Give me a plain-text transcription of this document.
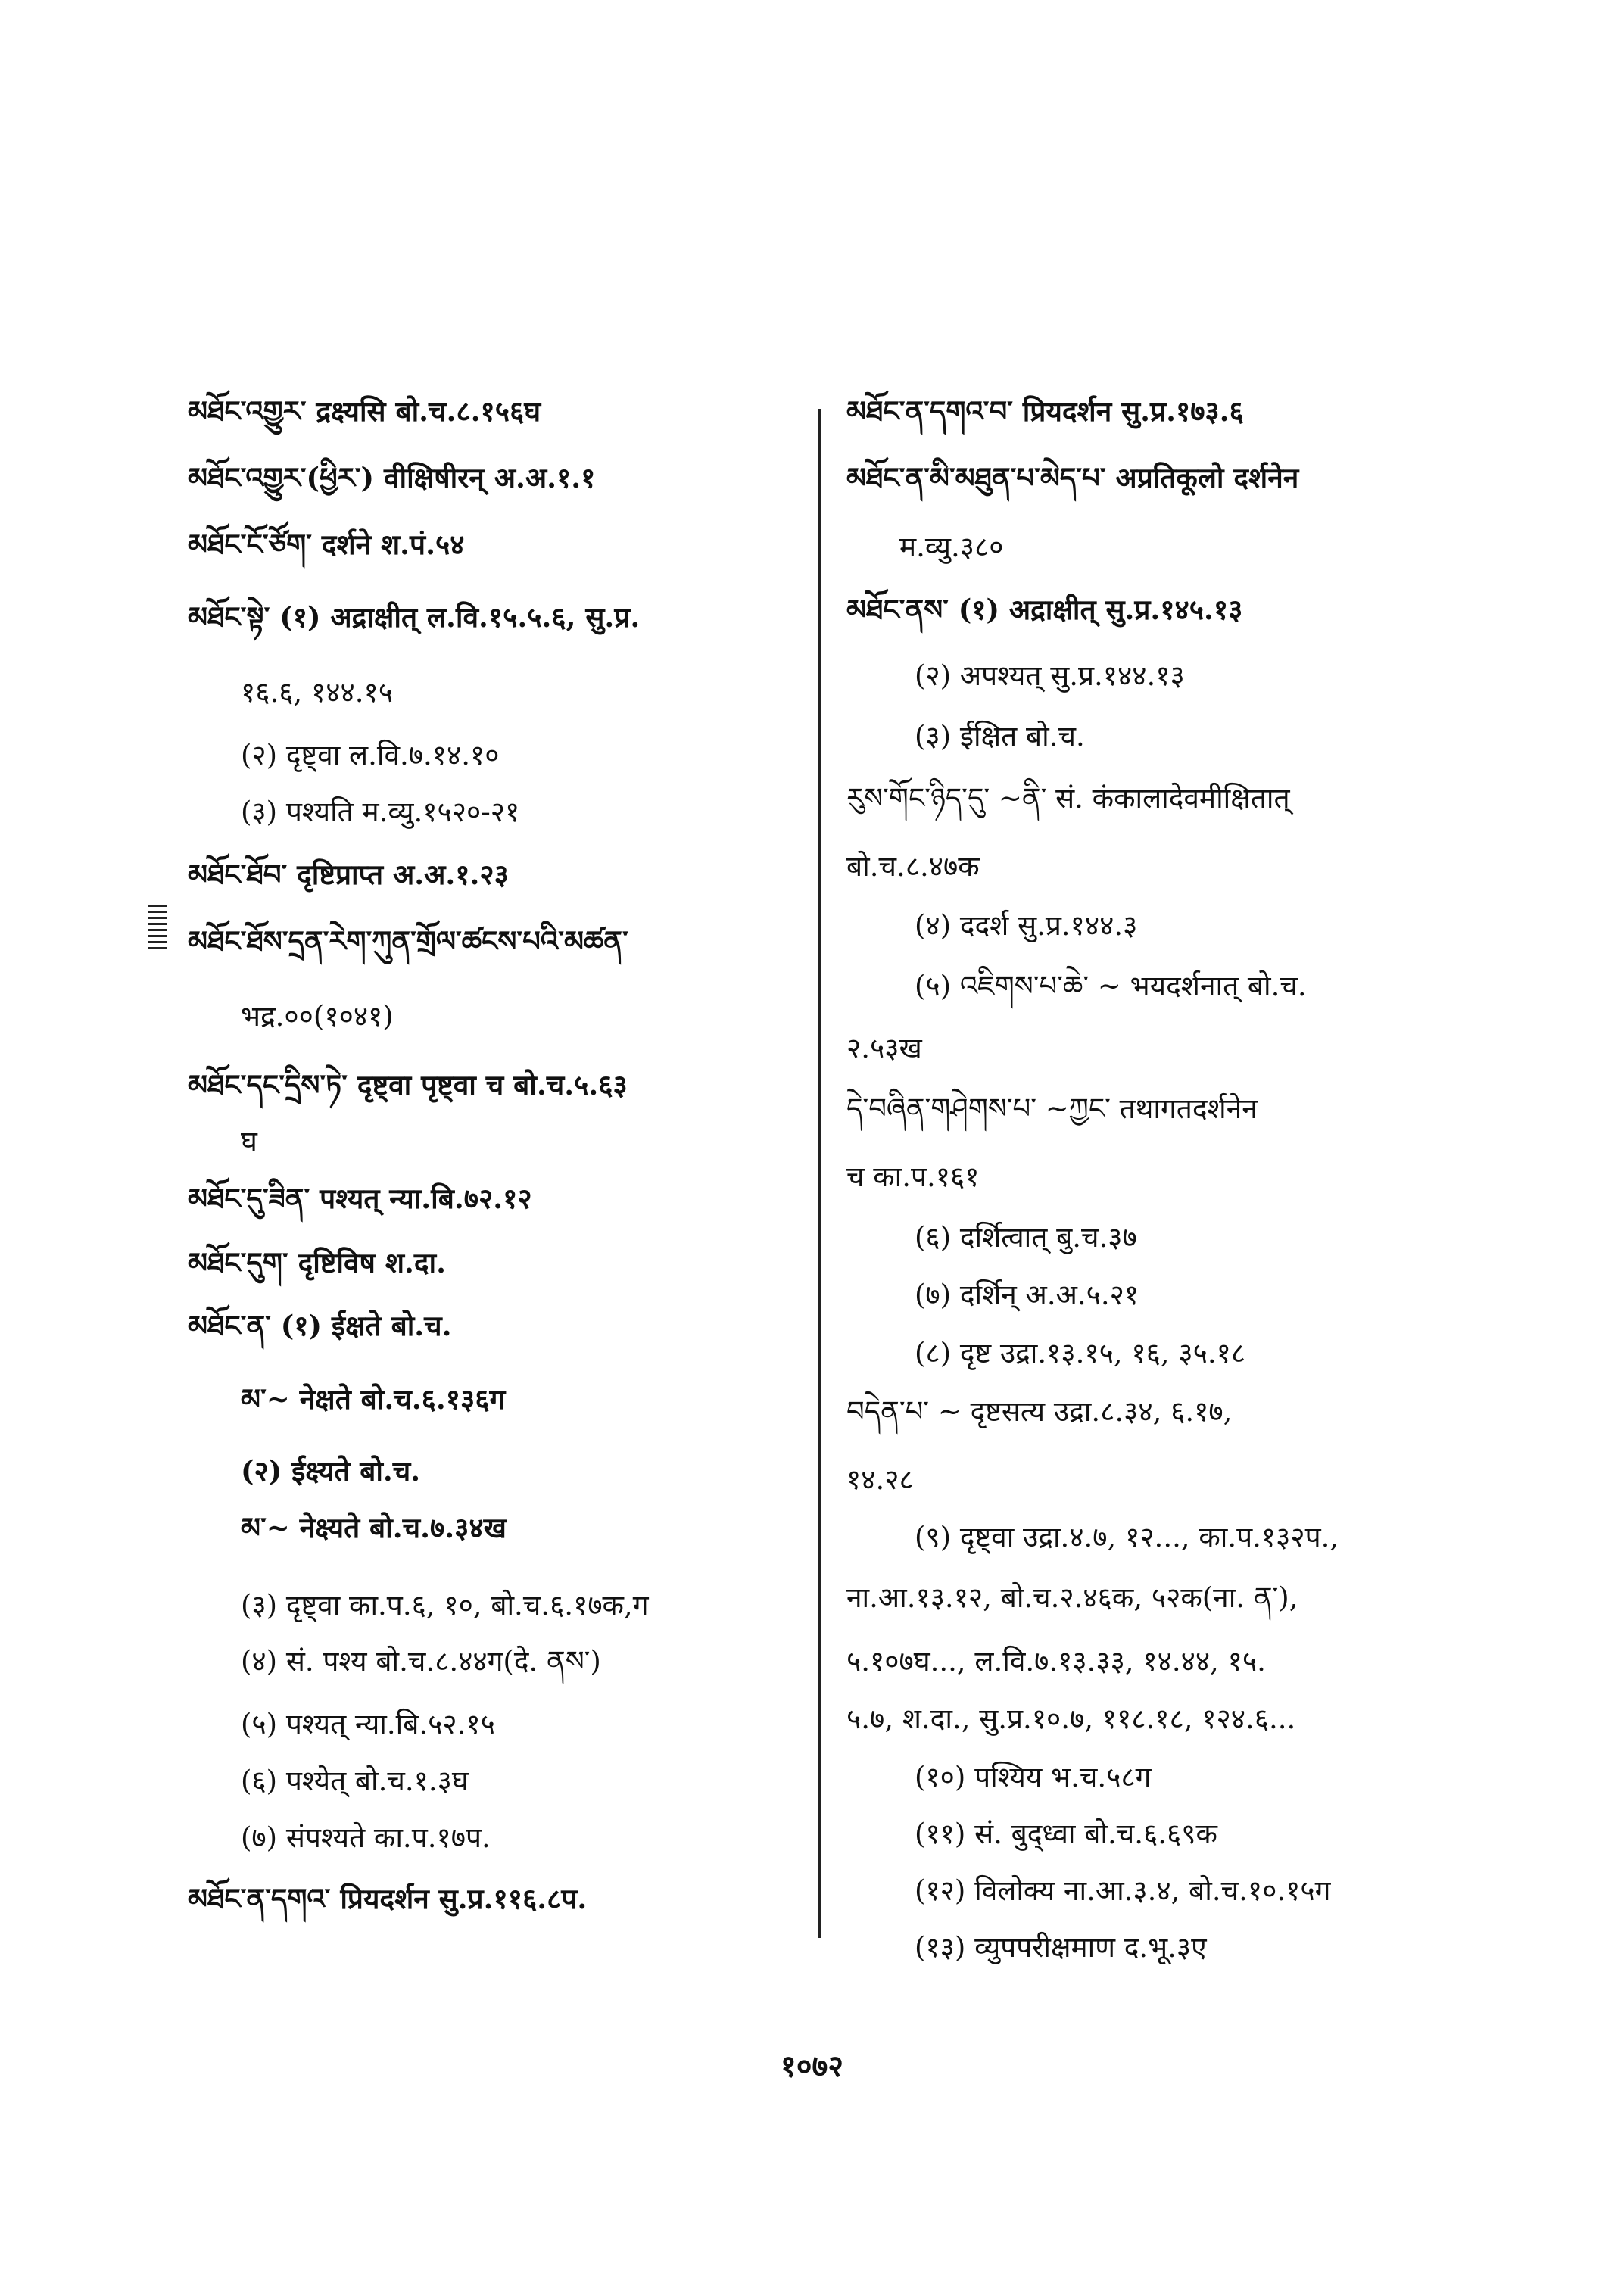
མཐོང་འགྱུར་ द्रक्ष्यसि बो.च.८.१५६घ
མཐོང་འགྱུར་(ཕྱིར་) वीक्षिषीरन् अ.अ.१.१
མཐོང་ངོ་ཙོག་ दर्शने श.पं.५४
མཐོང་སྟེ་ (१) अद्राक्षीत् ल.वि.१५.५.६, सु.प्र.
१६.६, १४४.१५
(२) दृष्ट्वा ल.वि.७.१४.१०
(३) पश्यति म.व्यु.१५२०-२१
མཐོང་ཐོབ་ दृष्टिप्राप्त अ.अ.१.२३
མཐོང་ཐོས་དྲན་རེག་ཀུན་གྲོལ་ཚངས་པའི་མཚན་
भद्र.००(१०४१)
མཐོང་དང་དྲིས་ཏེ་ दृष्ट्वा पृष्ट्वा च बो.च.५.६३
घ
མཐོང་དུ་ཟིན་ पश्यत् न्या.बि.७२.१२
མཐོང་དུག་ दृष्टिविष श.दा.
མཐོང་ན་ (१) ईक्षते बो.च.
མ་~ नेक्षते बो.च.६.१३६ग
(२) ईक्ष्यते बो.च.
མ་~ नेक्ष्यते बो.च.७.३४ख
(३) दृष्ट्वा का.प.६, १०, बो.च.६.१७क,ग
(४) सं. पश्य बो.च.८.४४ग(दे. ནས་)
(५) पश्यत् न्या.बि.५२.१५
(६) पश्येत् बो.च.१.३घ
(७) संपश्यते का.प.१७प.
མཐོང་ན་དགའ་ प्रियदर्शन सु.प्र.११६.८प.
མཐོང་ན་དགའ་བ་ प्रियदर्शन सु.प्र.१७३.६
མཐོང་ན་མི་མཐུན་པ་མེད་པ་ अप्रतिकूलो दर्शनेन
म.व्यु.३८०
མཐོང་ནས་ (१) अद्राक्षीत् सु.प्र.१४५.१३
(२) अपश्यत् सु.प्र.१४४.१३
(३) ईक्षित बो.च.
རུས་གོང་ཉིད་དུ་ ~ནི་ सं. कंकालादेवमीक्षितात्
बो.च.८.४७क
(४) ददर्श सु.प्र.१४४.३
(५) འཇིགས་པ་ཆེ་ ~ भयदर्शनात् बो.च.
२.५३ख
དེ་བཞིན་གཤེགས་པ་ ~ཀྱང་ तथागतदर्शनेन
च का.प.१६१
(६) दर्शित्वात् बु.च.३७
(७) दर्शिन् अ.अ.५.२१
(८) दृष्ट उद्रा.१३.१५, १६, ३५.१८
བདེན་པ་ ~ दृष्टसत्य उद्रा.८.३४, ६.१७,
१४.२८
(९) दृष्ट्वा उद्रा.४.७, १२..., का.प.१३२प.,
ना.आ.१३.१२, बो.च.२.४६क, ५२क(ना. ན་),
५.१०७घ..., ल.वि.७.१३.३३, १४.४४, १५.
५.७, श.दा., सु.प्र.१०.७, ११८.१८, १२४.६...
(१०) पश्यिय भ.च.५८ग
(११) सं. बुद्ध्वा बो.च.६.६९क
(१२) विलोक्य ना.आ.३.४, बो.च.१०.१५ग
(१३) व्युपपरीक्षमाण द.भू.३ए
१०७२
